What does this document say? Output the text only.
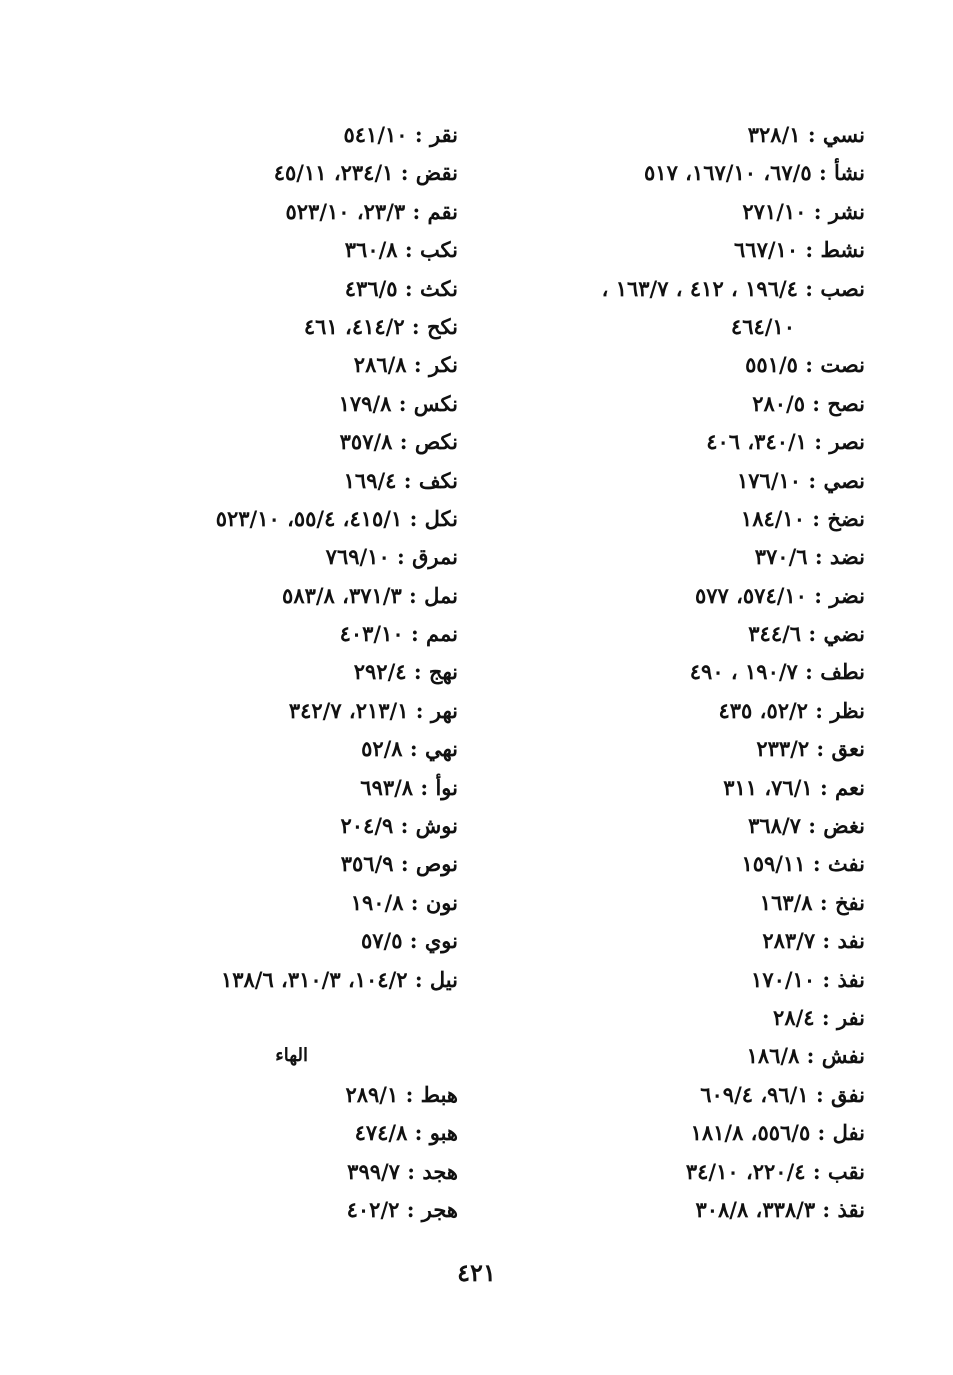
نسي : ٣٢٨/١
نشأ : ٦٧/٥، ١٦٧/١٠، ٥١٧
نشر : ٢٧١/١٠
نشط : ٦٦٧/١٠
نصب : ١٩٦/٤ ، ٤١٢ ، ١٦٣/٧ ،
٤٦٤/١٠
نصت : ٥٥١/٥
نصح : ٢٨٠/٥
نصر : ٣٤٠/١، ٤٠٦
نصي : ١٧٦/١٠
نضخ : ١٨٤/١٠
نضد : ٣٧٠/٦
نضر : ٥٧٤/١٠، ٥٧٧
نضي : ٣٤٤/٦
نطف : ١٩٠/٧ ، ٤٩٠
نظر : ٥٢/٢، ٤٣٥
نعق : ٢٣٣/٢
نعم : ٧٦/١، ٣١١
نغض : ٣٦٨/٧
نفث : ١٥٩/١١
نفخ : ١٦٣/٨
نفد : ٢٨٣/٧
نفذ : ١٧٠/١٠
نفر : ٢٨/٤
نفش : ١٨٦/٨
نفق : ٩٦/١، ٦٠٩/٤
نفل : ٥٥٦/٥، ١٨١/٨
نقب : ٢٢٠/٤، ٣٤/١٠
نقذ : ٣٣٨/٣، ٣٠٨/٨
نقر : ٥٤١/١٠
نقض : ٢٣٤/١، ٤٥/١١
نقم : ٢٣/٣، ٥٢٣/١٠
نكب : ٣٦٠/٨
نكث : ٤٣٦/٥
نكح : ٤١٤/٢، ٤٦١
نكر : ٢٨٦/٨
نكس : ١٧٩/٨
نكص : ٣٥٧/٨
نكف : ١٦٩/٤
نكل : ٤١٥/١، ٥٥/٤، ٥٢٣/١٠
نمرق : ٧٦٩/١٠
نمل : ٣٧١/٣، ٥٨٣/٨
نمم : ٤٠٣/١٠
نهج : ٢٩٢/٤
نهر : ٢١٣/١، ٣٤٢/٧
نهي : ٥٢/٨
نوأ : ٦٩٣/٨
نوش : ٢٠٤/٩
نوص : ٣٥٦/٩
نون : ١٩٠/٨
نوي : ٥٧/٥
نيل : ١٠٤/٢، ٣١٠/٣، ١٣٨/٦
الهاء
هبط : ٢٨٩/١
هبو : ٤٧٤/٨
هجد : ٣٩٩/٧
هجر : ٤٠٢/٢
٤٢١
